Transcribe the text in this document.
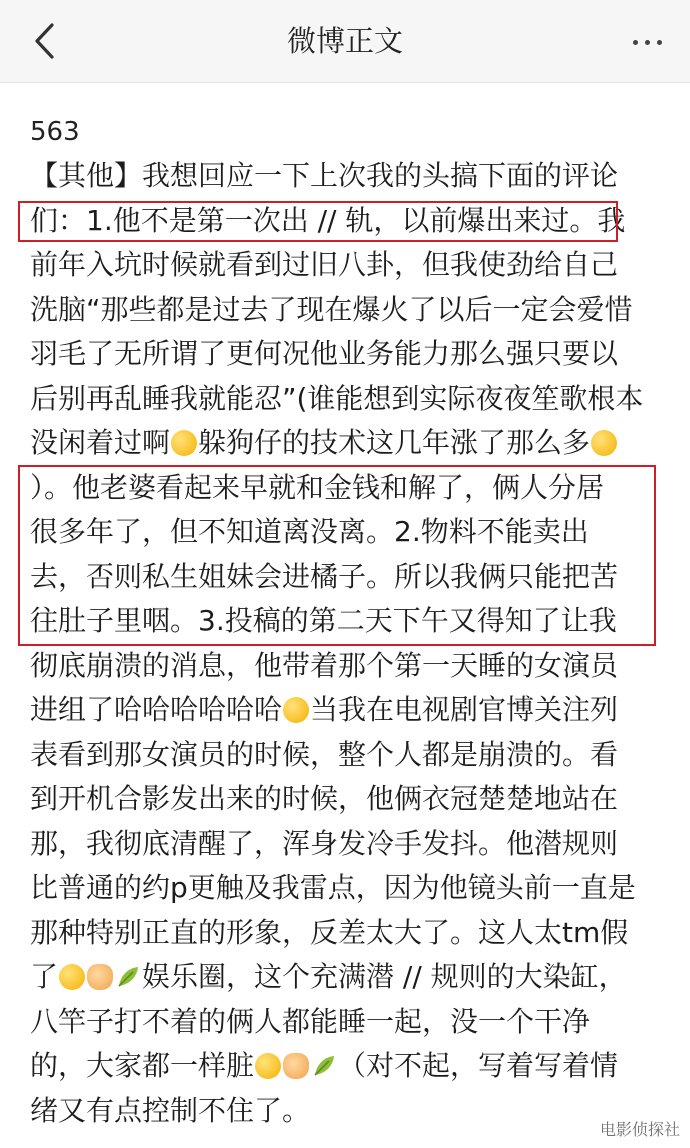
微博正文
563
【其他】我想回应一下上次我的头搞下面的评论
们：1.他不是第一次出 // 轨，以前爆出来过。我
前年入坑时候就看到过旧八卦，但我使劲给自己
洗脑“那些都是过去了现在爆火了以后一定会爱惜
羽毛了无所谓了更何况他业务能力那么强只要以
后别再乱睡我就能忍”(谁能想到实际夜夜笙歌根本
没闲着过啊 躲狗仔的技术这几年涨了那么多
）。他老婆看起来早就和金钱和解了，俩人分居
很多年了，但不知道离没离。2.物料不能卖出
去，否则私生姐妹会进橘子。所以我俩只能把苦
往肚子里咽。3.投稿的第二天下午又得知了让我
彻底崩溃的消息，他带着那个第一天睡的女演员
进组了哈哈哈哈哈哈 当我在电视剧官博关注列
表看到那女演员的时候，整个人都是崩溃的。看
到开机合影发出来的时候，他俩衣冠楚楚地站在
那，我彻底清醒了，浑身发冷手发抖。他潜规则
比普通的约p更触及我雷点，因为他镜头前一直是
那种特别正直的形象，反差太大了。这人太tm假
了	娱乐圈，这个充满潜 // 规则的大染缸，
八竿子打不着的俩人都能睡一起，没一个干净
的，大家都一样脏	（对不起，写着写着情
绪又有点控制不住了。
电影侦探社
